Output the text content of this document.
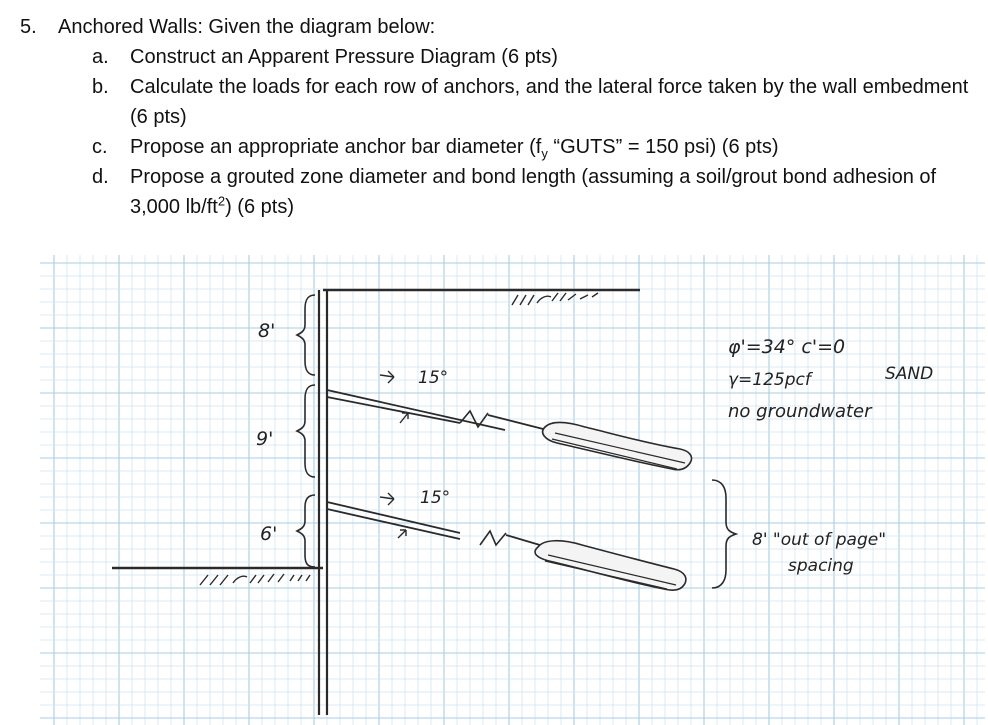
5. Anchored Walls: Given the diagram below:
a. Construct an Apparent Pressure Diagram (6 pts)
b. Calculate the loads for each row of anchors, and the lateral force taken by the wall embedment (6 pts)
c. Propose an appropriate anchor bar diameter ($f_y$ “GUTS” = 150 psi) (6 pts)
d. Propose a grouted zone diameter and bond length (assuming a soil/grout bond adhesion of 3,000 $lb/ft^2$) (6 pts)
8'
9'
6'
15°
15°
φ'=34° c'=0
γ=125pcf	SAND
no groundwater
8' "out of page"
spacing
